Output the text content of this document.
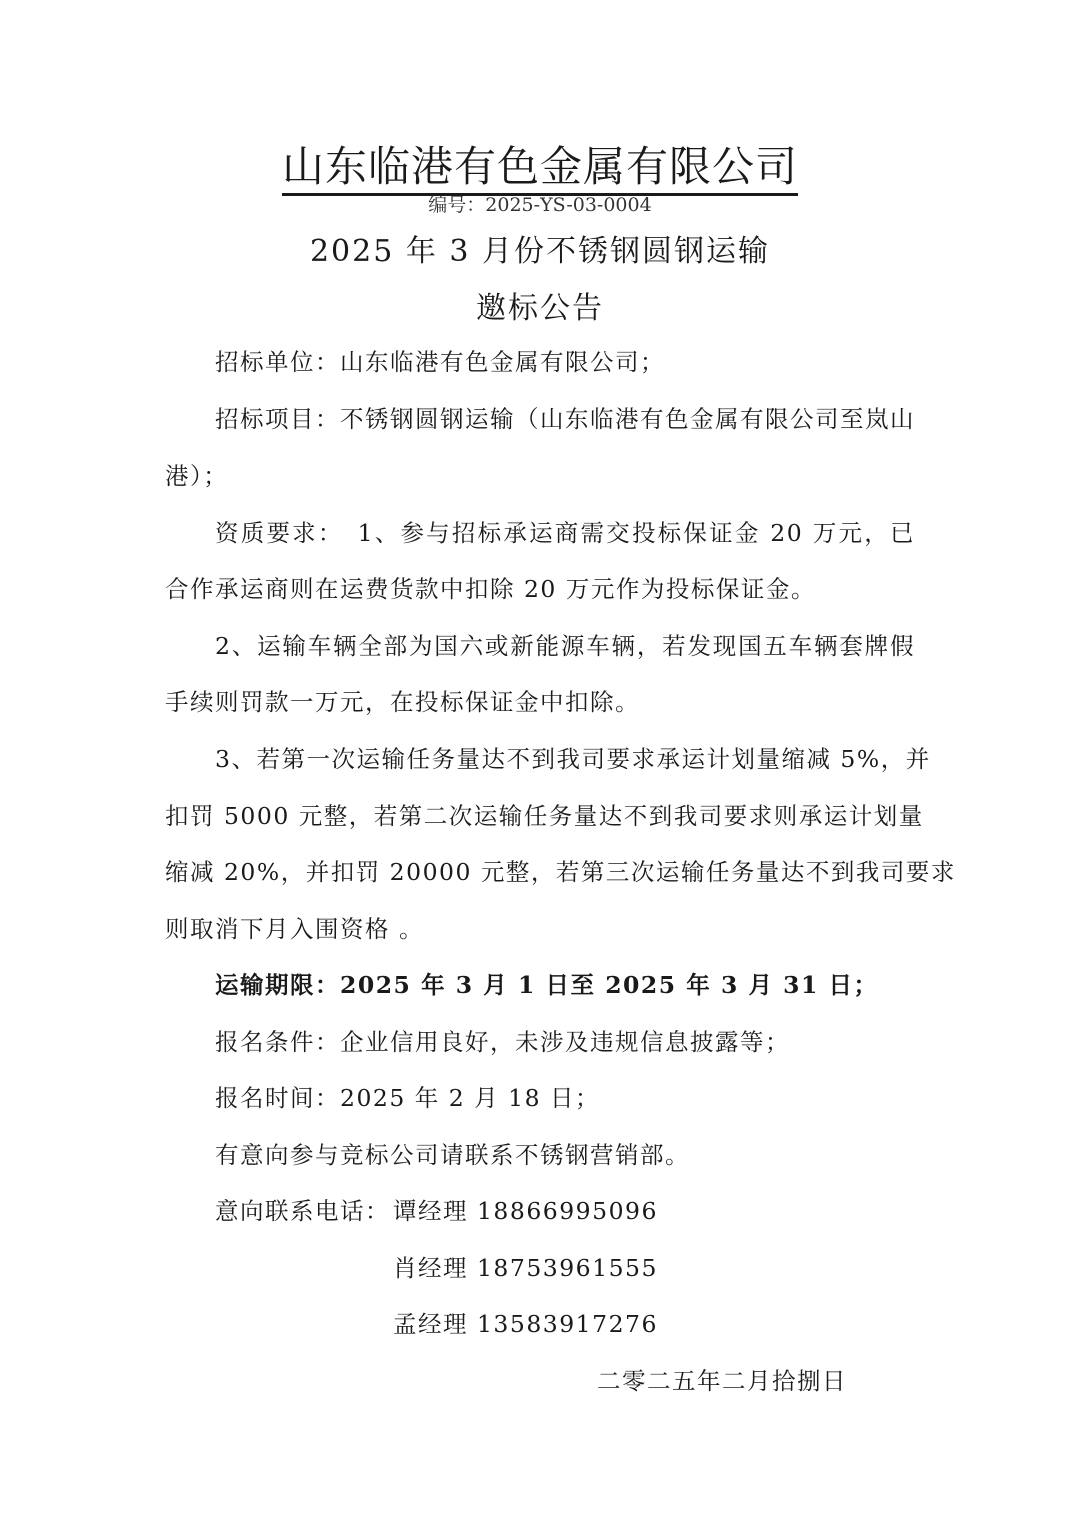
山东临港有色金属有限公司
编号：2025-YS-03-0004
2025 年 3 月份不锈钢圆钢运输
邀标公告
招标单位：山东临港有色金属有限公司；
招标项目：不锈钢圆钢运输（山东临港有色金属有限公司至岚山
港）；
资质要求：　1、参与招标承运商需交投标保证金 20 万元，已
合作承运商则在运费货款中扣除 20 万元作为投标保证金。
2、运输车辆全部为国六或新能源车辆，若发现国五车辆套牌假
手续则罚款一万元，在投标保证金中扣除。
3、若第一次运输任务量达不到我司要求承运计划量缩减 5%，并
扣罚 5000 元整，若第二次运输任务量达不到我司要求则承运计划量
缩减 20%，并扣罚 20000 元整，若第三次运输任务量达不到我司要求
则取消下月入围资格 。
运输期限：2025 年 3 月 1 日至 2025 年 3 月 31 日；
报名条件：企业信用良好，未涉及违规信息披露等；
报名时间：2025 年 2 月 18 日；
有意向参与竞标公司请联系不锈钢营销部。
意向联系电话： 谭经理 18866995096
肖经理 18753961555
孟经理 13583917276
二零二五年二月拾捌日
